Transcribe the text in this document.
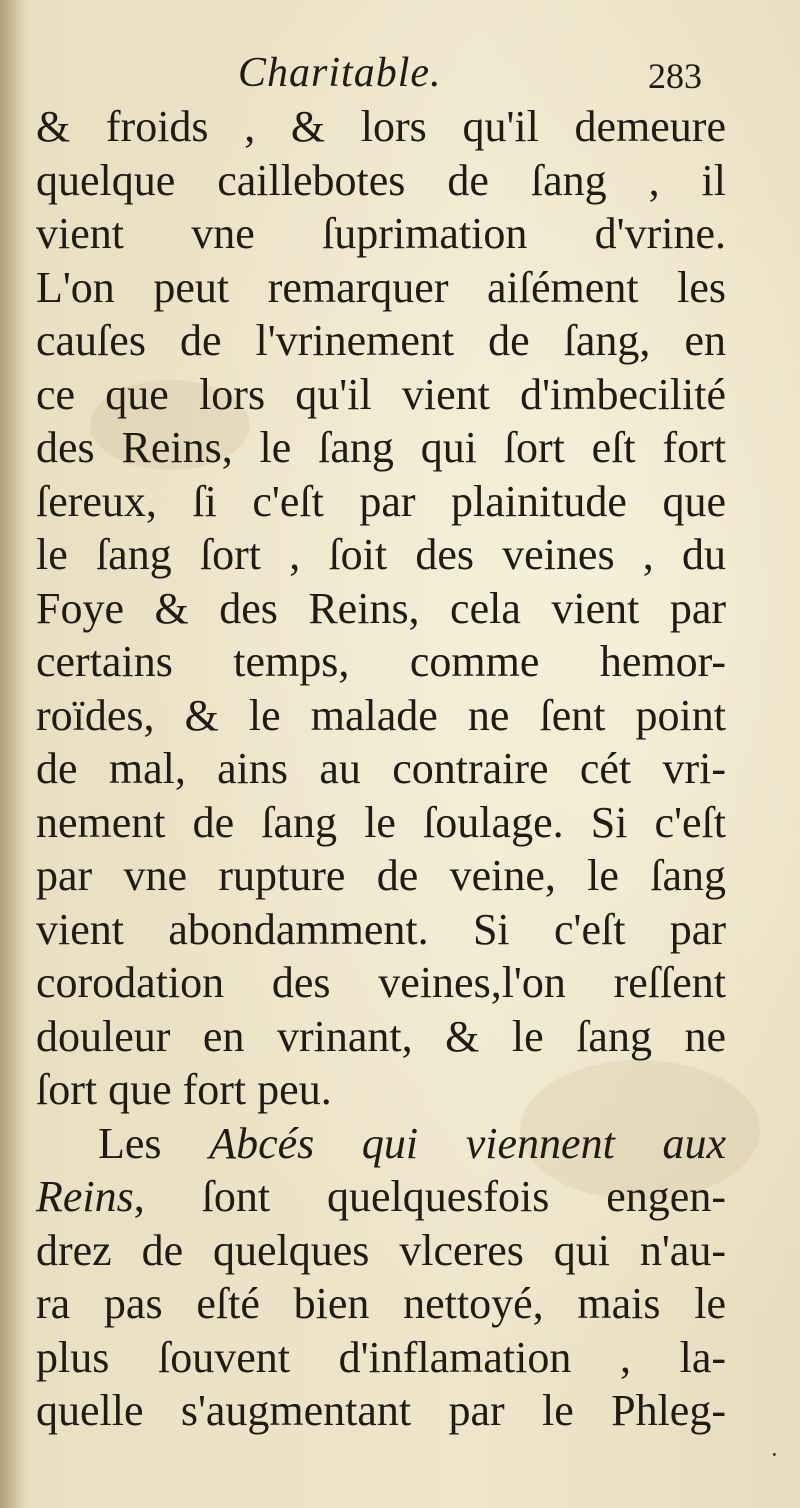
Charitable.	283
& froids , & lors qu'il demeure
quelque caillebotes de ſang , il
vient vne ſuprimation d'vrine.
L'on peut remarquer aiſément les
cauſes de l'vrinement de ſang, en
ce que lors qu'il vient d'imbecilité
des Reins, le ſang qui ſort eſt fort
ſereux, ſi c'eſt par plainitude que
le ſang ſort , ſoit des veines , du
Foye & des Reins, cela vient par
certains temps, comme hemor-
roïdes, & le malade ne ſent point
de mal, ains au contraire cét vri-
nement de ſang le ſoulage. Si c'eſt
par vne rupture de veine, le ſang
vient abondamment. Si c'eſt par
corodation des veines,l'on reſſent
douleur en vrinant, & le ſang ne
ſort que fort peu.
Les Abcés qui viennent aux
Reins, ſont quelquesfois engen-
drez de quelques vlceres qui n'au-
ra pas eſté bien nettoyé, mais le
plus ſouvent d'inflamation , la-
quelle s'augmentant par le Phleg-
·
